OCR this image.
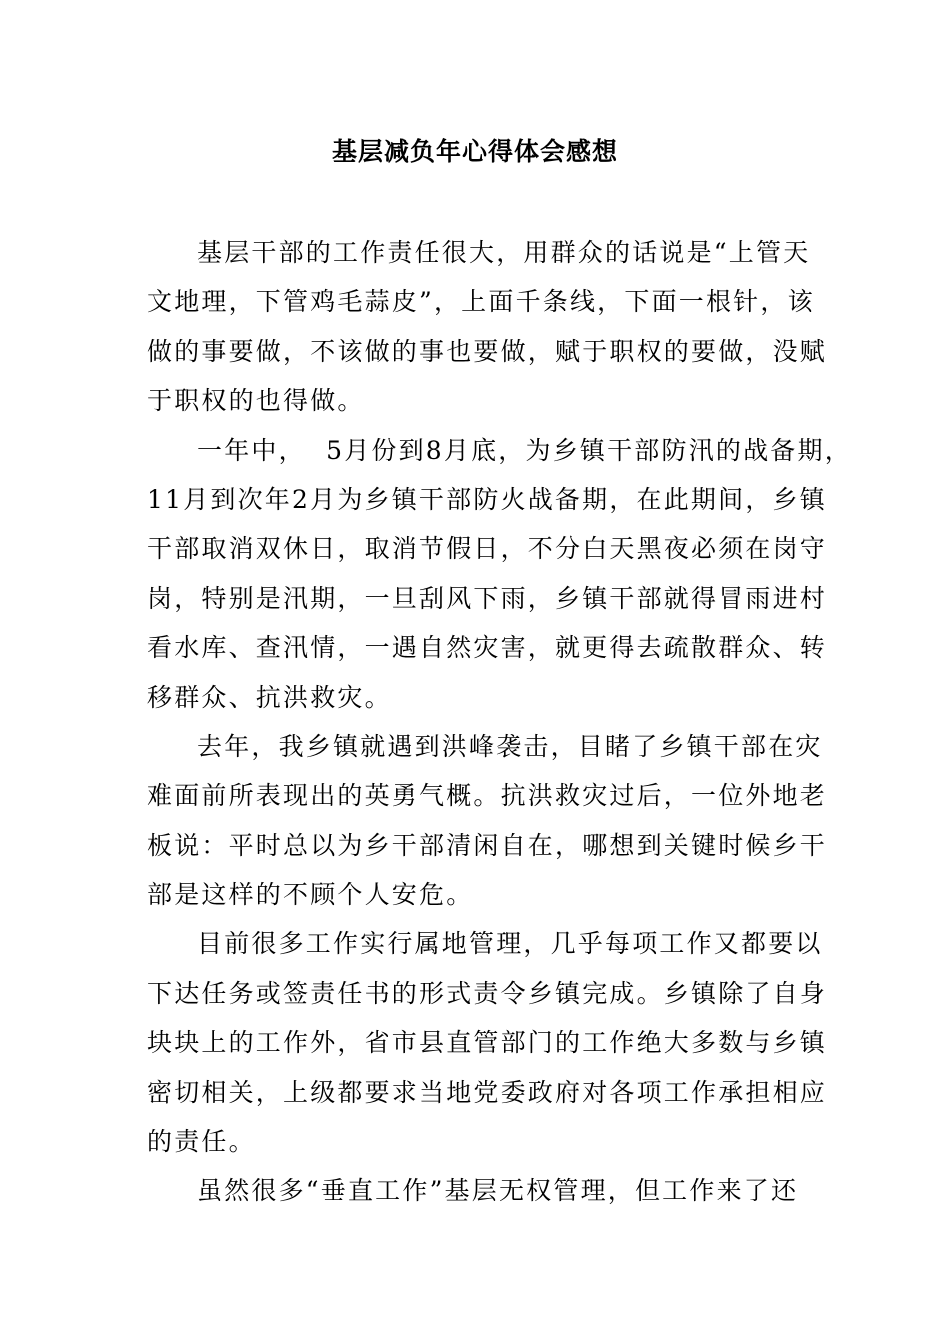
基层减负年心得体会感想
基层干部的工作责任很大，用群众的话说是“上管天
文地理，下管鸡毛蒜皮”，上面千条线，下面一根针，该
做的事要做，不该做的事也要做，赋于职权的要做，没赋
于职权的也得做。
一年中，  5月份到8月底，为乡镇干部防汛的战备期，
11月到次年2月为乡镇干部防火战备期，在此期间，乡镇
干部取消双休日，取消节假日，不分白天黑夜必须在岗守
岗，特别是汛期，一旦刮风下雨，乡镇干部就得冒雨进村
看水库、查汛情，一遇自然灾害，就更得去疏散群众、转
移群众、抗洪救灾。
去年，我乡镇就遇到洪峰袭击，目睹了乡镇干部在灾
难面前所表现出的英勇气概。抗洪救灾过后，一位外地老
板说：平时总以为乡干部清闲自在，哪想到关键时候乡干
部是这样的不顾个人安危。
目前很多工作实行属地管理，几乎每项工作又都要以
下达任务或签责任书的形式责令乡镇完成。乡镇除了自身
块块上的工作外，省市县直管部门的工作绝大多数与乡镇
密切相关，上级都要求当地党委政府对各项工作承担相应
的责任。
虽然很多“垂直工作”基层无权管理，但工作来了还
